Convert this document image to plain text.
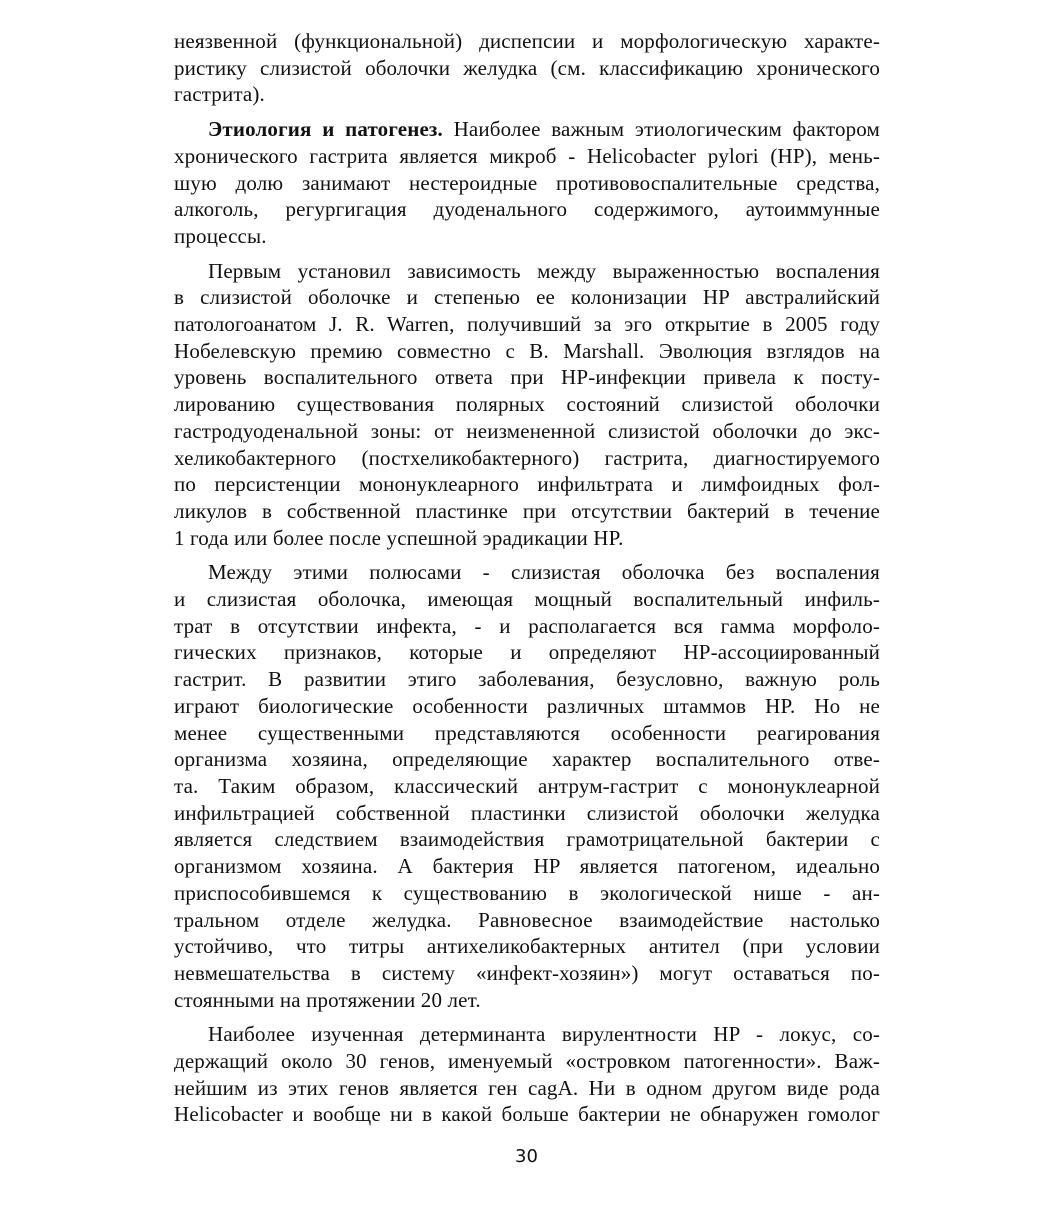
неязвенной (функциональной) диспепсии и морфологическую характе-
ристику слизистой оболочки желудка (см. классификацию хронического
гастрита).
Этиология и патогенез. Наиболее важным этиологическим фактором
хронического гастрита является микроб - Helicobacter pylori (HP), мень-
шую долю занимают нестероидные противовоспалительные средства,
алкоголь, регургигация дуоденального содержимого, аутоиммунные
процессы.
Первым установил зависимость между выраженностью воспаления
в слизистой оболочке и степенью ее колонизации HP австралийский
патологоанатом J. R. Warren, получивший за эго открытие в 2005 году
Нобелевскую премию совместно с B. Marshall. Эволюция взглядов на
уровень воспалительного ответа при HP-инфекции привела к посту-
лированию существования полярных состояний слизистой оболочки
гастродуоденальной зоны: от неизмененной слизистой оболочки до экс-
хеликобактерного (постхеликобактерного) гастрита, диагностируемого
по персистенции мононуклеарного инфильтрата и лимфоидных фол-
ликулов в собственной пластинке при отсутствии бактерий в течение
1 года или более после успешной эрадикации HP.
Между этими полюсами - слизистая оболочка без воспаления
и слизистая оболочка, имеющая мощный воспалительный инфиль-
трат в отсутствии инфекта, - и располагается вся гамма морфоло-
гических признаков, которые и определяют HP-ассоциированный
гастрит. В развитии этиго заболевания, безусловно, важную роль
играют биологические особенности различных штаммов HP. Но не
менее существенными представляются особенности реагирования
организма хозяина, определяющие характер воспалительного отве-
та. Таким образом, классический антрум-гастрит с мононуклеарной
инфильтрацией собственной пластинки слизистой оболочки желудка
является следствием взаимодействия грамотрицательной бактерии с
организмом хозяина. А бактерия HP является патогеном, идеально
приспособившемся к существованию в экологической нише - ан-
тральном отделе желудка. Равновесное взаимодействие настолько
устойчиво, что титры антихеликобактерных антител (при условии
невмешательства в систему «инфект-хозяин») могут оставаться по-
стоянными на протяжении 20 лет.
Наиболее изученная детерминанта вирулентности HP - локус, со-
держащий около 30 генов, именуемый «островком патогенности». Важ-
нейшим из этих генов является ген cagA. Ни в одном другом виде рода
Helicobacter и вообще ни в какой больше бактерии не обнаружен гомолог
30
